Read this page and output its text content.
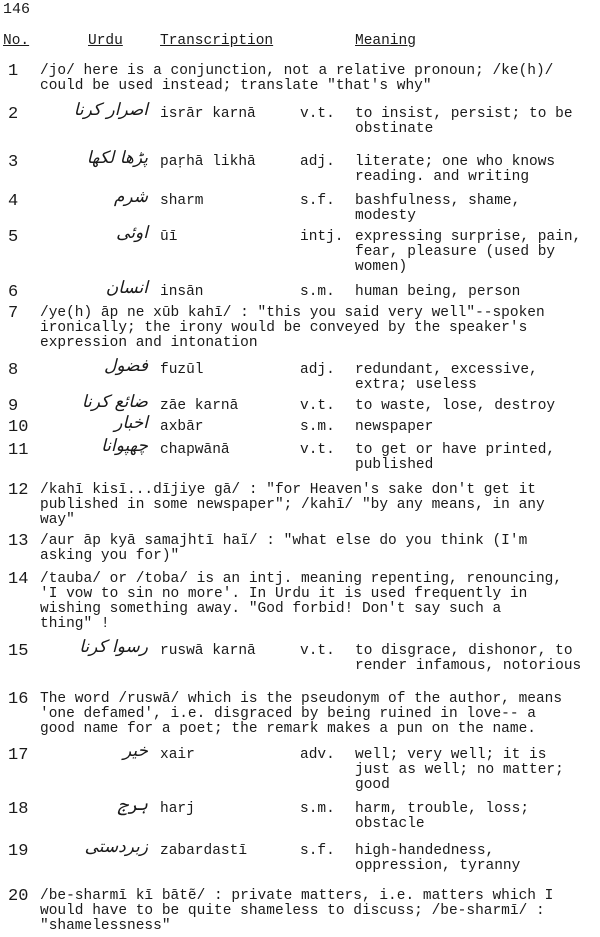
146
No.	Urdu	Transcription	Meaning
1 /jo/ here is a conjunction, not a relative pronoun; /ke(h)/
could be used instead; translate "that's why"
2	اصرار کرنا isrār karnā	v.t. to insist, persist; to be
obstinate
3	پڑھا لکھا paṛhā likhā	adj. literate; one who knows
reading. and writing
4	شرم sharm	s.f. bashfulness, shame,
modesty
5	اوئی ūī	intj. expressing surprise, pain,
fear, pleasure (used by
women)
6	انسان insān	s.m. human being, person
7 /ye(h) āp ne xūb kahī/ : "this you said very well"--spoken
ironically; the irony would be conveyed by the speaker's
expression and intonation
8	فضول fuzūl	adj. redundant, excessive,
extra; useless
9	ضائع کرنا zāe karnā	v.t. to waste, lose, destroy
10	اخبار axbār	s.m. newspaper
11	چھپوانا chapwānā	v.t. to get or have printed,
published
12 /kahī kisī...dījiye gā/ : "for Heaven's sake don't get it
published in some newspaper"; /kahī/ "by any means, in any
way"
13 /aur āp kyā samajhtī haĩ/ : "what else do you think (I'm
asking you for)"
14 /tauba/ or /toba/ is an intj. meaning repenting, renouncing,
'I vow to sin no more'. In Urdu it is used frequently in
wishing something away. "God forbid! Don't say such a
thing" !
15	رسوا کرنا ruswā karnā	v.t. to disgrace, dishonor, to
render infamous, notorious
16 The word /ruswā/ which is the pseudonym of the author, means
'one defamed', i.e. disgraced by being ruined in love-- a
good name for a poet; the remark makes a pun on the name.
17	خیر xair	adv. well; very well; it is
just as well; no matter;
good
18	ہرج harj	s.m. harm, trouble, loss;
obstacle
19	زبردستی zabardastī	s.f. high-handedness,
oppression, tyranny
20 /be-sharmī kī bātẽ/ : private matters, i.e. matters which I
would have to be quite shameless to discuss; /be-sharmī/ :
"shamelessness"
